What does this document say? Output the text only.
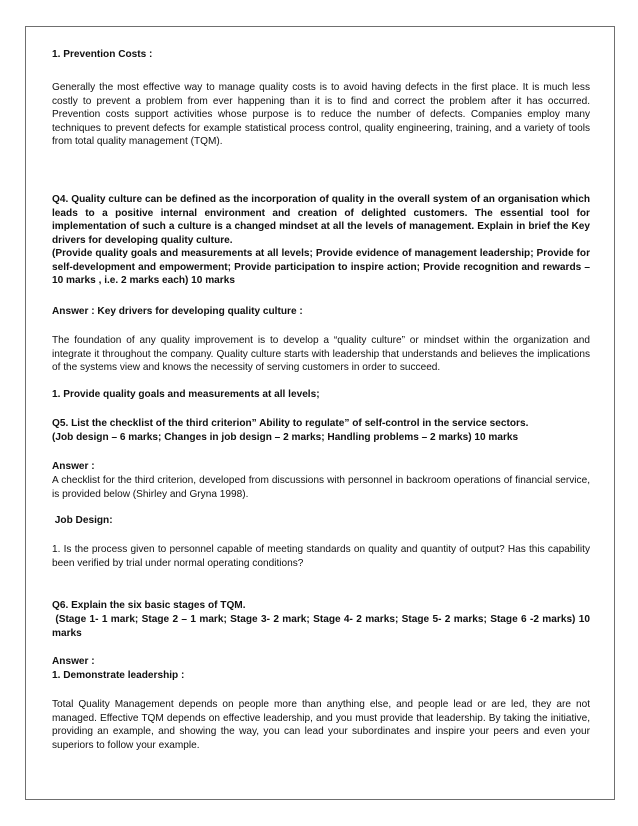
1. Prevention Costs :

Generally the most effective way to manage quality costs is to avoid having defects in the first place. It is much less costly to prevent a problem from ever happening than it is to find and correct the problem after it has occurred. Prevention costs support activities whose purpose is to reduce the number of defects. Companies employ many techniques to prevent defects for example statistical process control, quality engineering, training, and a variety of tools from total quality management (TQM).

Q4. Quality culture can be defined as the incorporation of quality in the overall system of an organisation which leads to a positive internal environment and creation of delighted customers. The essential tool for implementation of such a culture is a changed mindset at all the levels of management. Explain in brief the Key drivers for developing quality culture.

(Provide quality goals and measurements at all levels; Provide evidence of management leadership; Provide for self-development and empowerment; Provide participation to inspire action; Provide recognition and rewards – 10 marks , i.e. 2 marks each) 10 marks

Answer : Key drivers for developing quality culture :

The foundation of any quality improvement is to develop a “quality culture” or mindset within the organization and integrate it throughout the company. Quality culture starts with leadership that understands and believes the implications of the systems view and knows the necessity of serving customers in order to succeed.

1. Provide quality goals and measurements at all levels;

Q5. List the checklist of the third criterion” Ability to regulate” of self-control in the service sectors.

(Job design – 6 marks; Changes in job design – 2 marks; Handling problems – 2 marks) 10 marks

Answer :

A checklist for the third criterion, developed from discussions with personnel in backroom operations of financial service, is provided below (Shirley and Gryna 1998).

Job Design:

1. Is the process given to personnel capable of meeting standards on quality and quantity of output? Has this capability been verified by trial under normal operating conditions?

Q6. Explain the six basic stages of TQM.

(Stage 1- 1 mark; Stage 2 – 1 mark; Stage 3- 2 mark; Stage 4- 2 marks; Stage 5- 2 marks; Stage 6 -2 marks) 10 marks

Answer :

1. Demonstrate leadership :

Total Quality Management depends on people more than anything else, and people lead or are led, they are not managed. Effective TQM depends on effective leadership, and you must provide that leadership. By taking the initiative, providing an example, and showing the way, you can lead your subordinates and inspire your peers and even your superiors to follow your example.
